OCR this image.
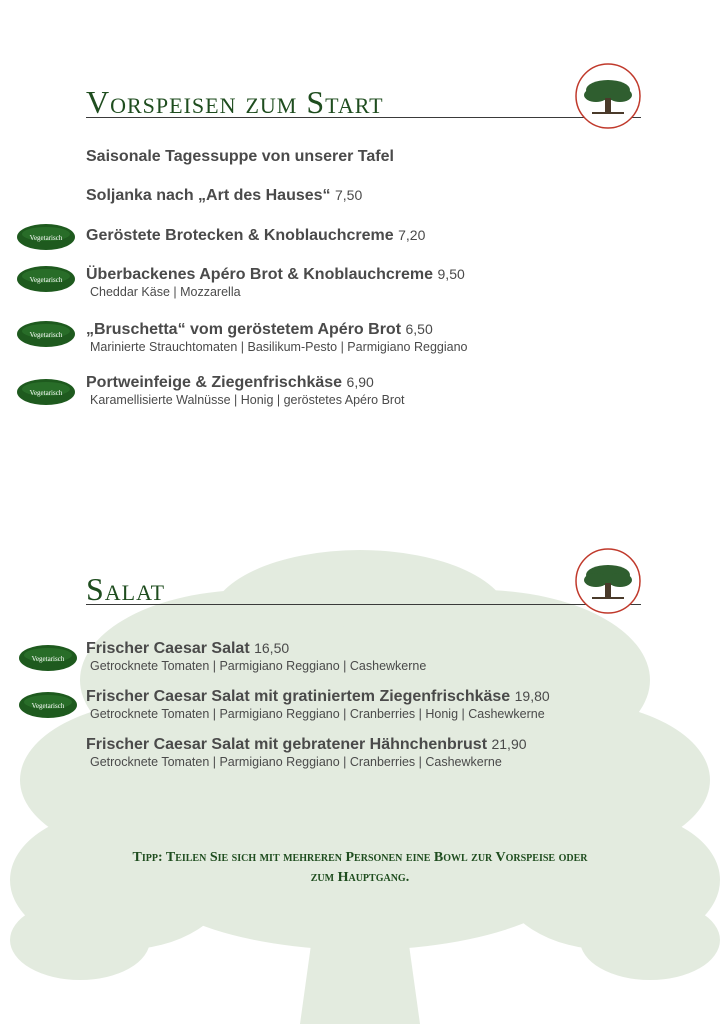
Vorspeisen zum Start
Saisonale Tagessuppe von unserer Tafel
Soljanka nach „Art des Hauses“ 7,50
Vegetarisch Geröstete Brotecken & Knoblauchcreme 7,20
Vegetarisch Überbackenes Apéro Brot & Knoblauchcreme 9,50
Cheddar Käse | Mozzarella
Vegetarisch „Bruschetta“ vom geröstetem Apéro Brot 6,50
Marinierte Strauchtomaten | Basilikum-Pesto | Parmigiano Reggiano
Vegetarisch
Portweinfeige & Ziegenfrischkäse 6,90
Karamellisierte Walnüsse | Honig | geröstetes Apéro Brot
Salat
Vegetarisch
Frischer Caesar Salat 16,50
Getrocknete Tomaten | Parmigiano Reggiano | Cashewkerne
Vegetarisch
Frischer Caesar Salat mit gratiniertem Ziegenfrischkäse 19,80
Getrocknete Tomaten | Parmigiano Reggiano | Cranberries | Honig | Cashewkerne
Frischer Caesar Salat mit gebratener Hähnchenbrust 21,90
Getrocknete Tomaten | Parmigiano Reggiano | Cranberries | Cashewkerne
Tipp: Teilen Sie sich mit mehreren Personen eine Bowl zur Vorspeise oder
zum Hauptgang.
